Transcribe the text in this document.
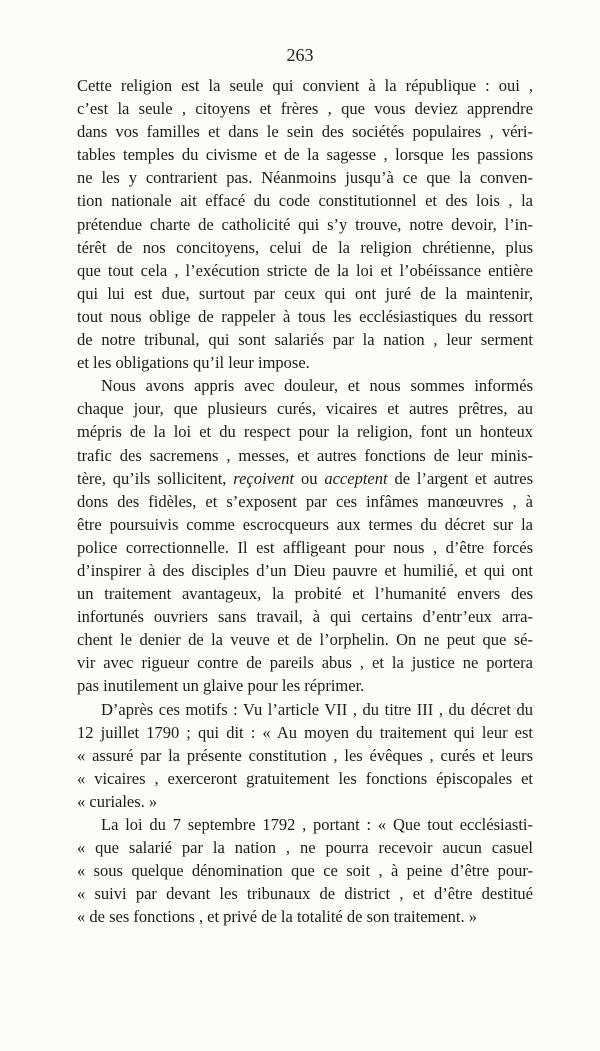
263
Cette religion est la seule qui convient à la république : oui ,
c’est la seule , citoyens et frères , que vous deviez apprendre
dans vos familles et dans le sein des sociétés populaires , véri-
tables temples du civisme et de la sagesse , lorsque les passions
ne les y contrarient pas. Néanmoins jusqu’à ce que la conven-
tion nationale ait effacé du code constitutionnel et des lois , la
prétendue charte de catholicité qui s’y trouve, notre devoir, l’in-
térêt de nos concitoyens, celui de la religion chrétienne, plus
que tout cela , l’exécution stricte de la loi et l’obéissance entière
qui lui est due, surtout par ceux qui ont juré de la maintenir,
tout nous oblige de rappeler à tous les ecclésiastiques du ressort
de notre tribunal, qui sont salariés par la nation , leur serment
et les obligations qu’il leur impose.
Nous avons appris avec douleur, et nous sommes informés
chaque jour, que plusieurs curés, vicaires et autres prêtres, au
mépris de la loi et du respect pour la religion, font un honteux
trafic des sacremens , messes, et autres fonctions de leur minis-
tère, qu’ils sollicitent, reçoivent ou acceptent de l’argent et autres
dons des fidèles, et s’exposent par ces infâmes manœuvres , à
être poursuivis comme escrocqueurs aux termes du décret sur la
police correctionnelle. Il est affligeant pour nous , d’être forcés
d’inspirer à des disciples d’un Dieu pauvre et humilié, et qui ont
un traitement avantageux, la probité et l’humanité envers des
infortunés ouvriers sans travail, à qui certains d’entr’eux arra-
chent le denier de la veuve et de l’orphelin. On ne peut que sé-
vir avec rigueur contre de pareils abus , et la justice ne portera
pas inutilement un glaive pour les réprimer.
D’après ces motifs : Vu l’article VII , du titre III , du décret du
12 juillet 1790 ; qui dit : « Au moyen du traitement qui leur est
« assuré par la présente constitution , les évêques , curés et leurs
« vicaires , exerceront gratuitement les fonctions épiscopales et
« curiales. »
La loi du 7 septembre 1792 , portant : « Que tout ecclésiasti-
« que salarié par la nation , ne pourra recevoir aucun casuel
« sous quelque dénomination que ce soit , à peine d’être pour-
« suivi par devant les tribunaux de district , et d’être destitué
« de ses fonctions , et privé de la totalité de son traitement. »
